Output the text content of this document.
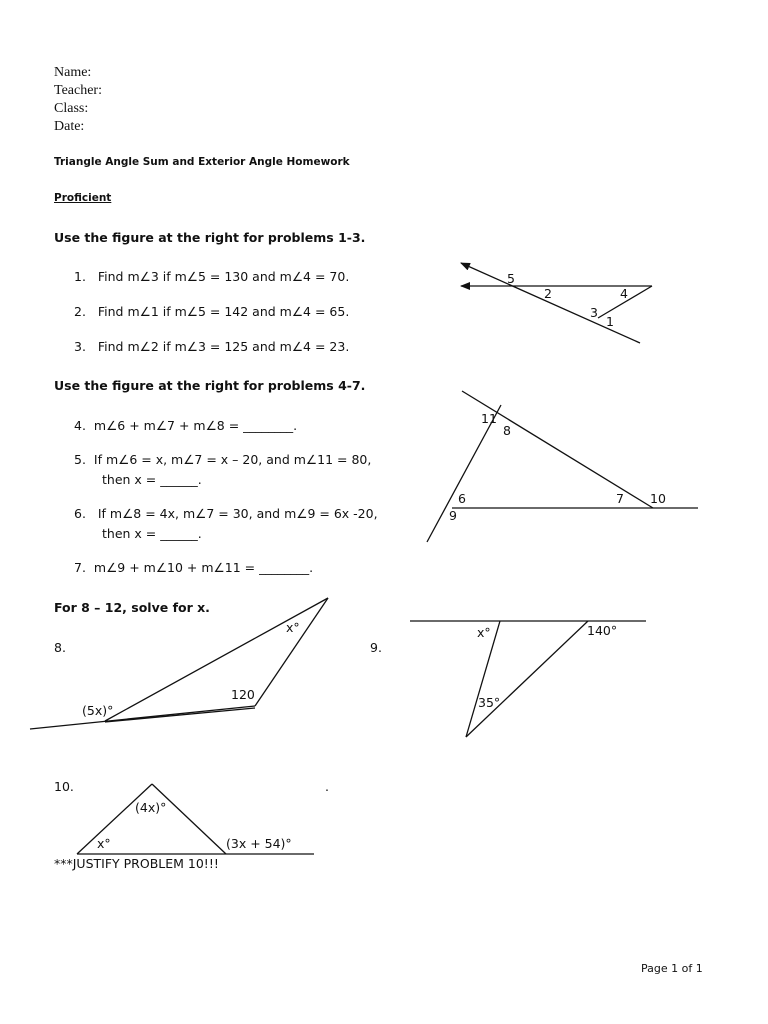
Name:
Teacher:
Class:
Date:
Triangle Angle Sum and Exterior Angle Homework
Proficient
Use the figure at the right for problems 1-3.
1. Find m∠3 if m∠5 = 130 and m∠4 = 70.
2. Find m∠1 if m∠5 = 142 and m∠4 = 65.
3. Find m∠2 if m∠3 = 125 and m∠4 = 23.
Use the figure at the right for problems 4-7.
4. m∠6 + m∠7 + m∠8 = ________.
5. If m∠6 = x, m∠7 = x – 20, and m∠11 = 80,
then x = ______.
6. If m∠8 = 4x, m∠7 = 30, and m∠9 = 6x -20,
then x = ______.
7. m∠9 + m∠10 + m∠11 = ________.
For 8 – 12, solve for x.
8.	9.
10.	.
***JUSTIFY PROBLEM 10!!!
Page 1 of 1
5
2	4
3
1
11
8
6
9
7 10
x°
120
(5x)°
x°	140°
35°
(4x)°
x°	(3x + 54)°
